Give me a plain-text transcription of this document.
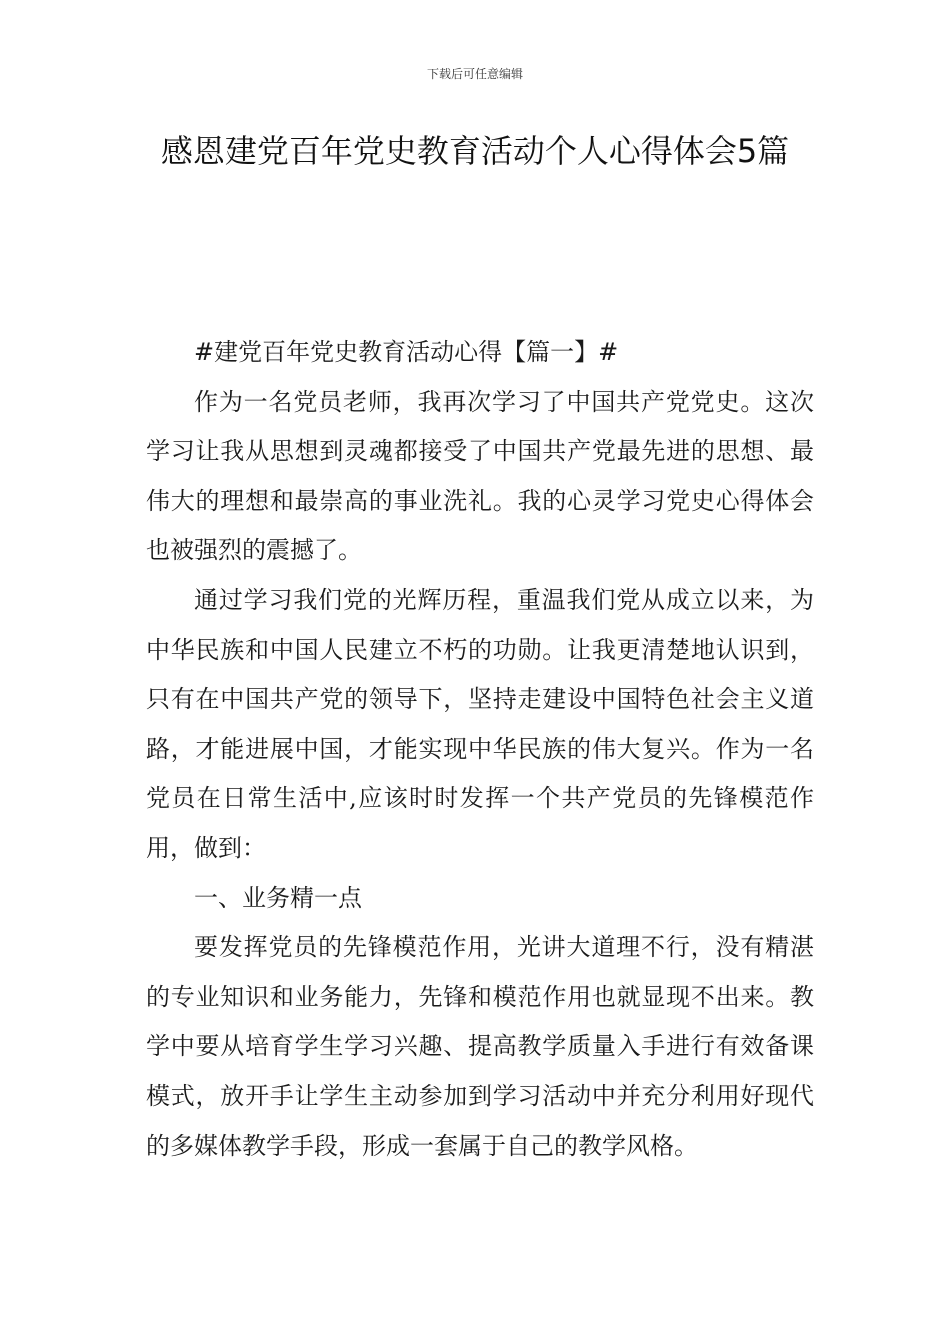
下载后可任意编辑
感恩建党百年党史教育活动个人心得体会5篇

#建党百年党史教育活动心得【篇一】#

作为一名党员老师，我再次学习了中国共产党党史。这次学习让我从思想到灵魂都接受了中国共产党最先进的思想、最伟大的理想和最崇高的事业洗礼。我的心灵学习党史心得体会也被强烈的震撼了。

通过学习我们党的光辉历程，重温我们党从成立以来，为中华民族和中国人民建立不朽的功勋。让我更清楚地认识到，只有在中国共产党的领导下，坚持走建设中国特色社会主义道路，才能进展中国，才能实现中华民族的伟大复兴。作为一名党员在日常生活中,应该时时发挥一个共产党员的先锋模范作用，做到：

一、业务精一点

要发挥党员的先锋模范作用，光讲大道理不行，没有精湛的专业知识和业务能力，先锋和模范作用也就显现不出来。教学中要从培育学生学习兴趣、提高教学质量入手进行有效备课模式，放开手让学生主动参加到学习活动中并充分利用好现代的多媒体教学手段，形成一套属于自己的教学风格。
